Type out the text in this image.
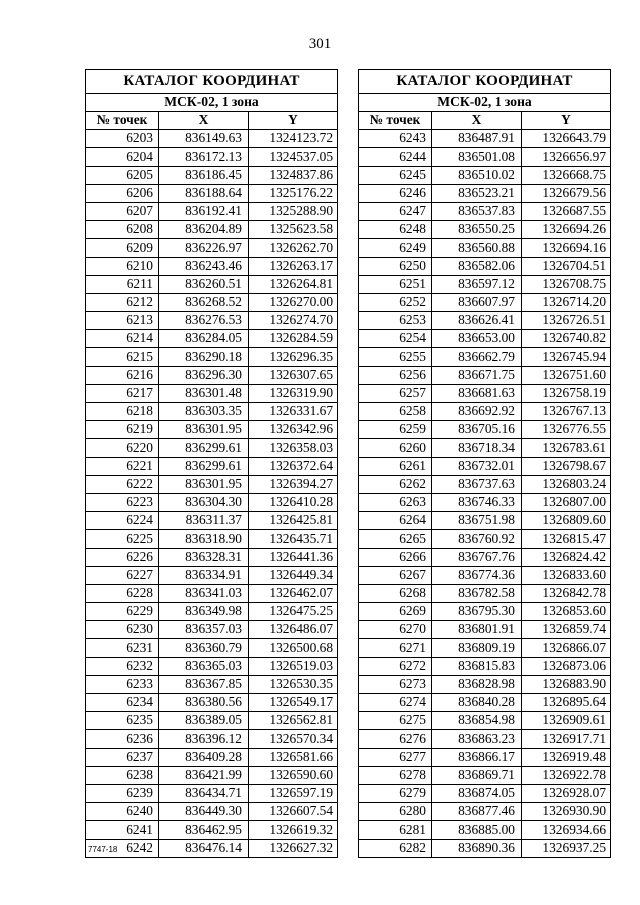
301
КАТАЛОГ КООРДИНАТ		
МСК-02, 1 зона		
№ точек	X	Y
6203	836149.63	1324123.72
6204	836172.13	1324537.05
6205	836186.45	1324837.86
6206	836188.64	1325176.22
6207	836192.41	1325288.90
6208	836204.89	1325623.58
6209	836226.97	1326262.70
6210	836243.46	1326263.17
6211	836260.51	1326264.81
6212	836268.52	1326270.00
6213	836276.53	1326274.70
6214	836284.05	1326284.59
6215	836290.18	1326296.35
6216	836296.30	1326307.65
6217	836301.48	1326319.90
6218	836303.35	1326331.67
6219	836301.95	1326342.96
6220	836299.61	1326358.03
6221	836299.61	1326372.64
6222	836301.95	1326394.27
6223	836304.30	1326410.28
6224	836311.37	1326425.81
6225	836318.90	1326435.71
6226	836328.31	1326441.36
6227	836334.91	1326449.34
6228	836341.03	1326462.07
6229	836349.98	1326475.25
6230	836357.03	1326486.07
6231	836360.79	1326500.68
6232	836365.03	1326519.03
6233	836367.85	1326530.35
6234	836380.56	1326549.17
6235	836389.05	1326562.81
6236	836396.12	1326570.34
6237	836409.28	1326581.66
6238	836421.99	1326590.60
6239	836434.71	1326597.19
6240	836449.30	1326607.54
6241	836462.95	1326619.32
6242	836476.14	1326627.32
КАТАЛОГ КООРДИНАТ		
МСК-02, 1 зона		
№ точек	X	Y
6243	836487.91	1326643.79
6244	836501.08	1326656.97
6245	836510.02	1326668.75
6246	836523.21	1326679.56
6247	836537.83	1326687.55
6248	836550.25	1326694.26
6249	836560.88	1326694.16
6250	836582.06	1326704.51
6251	836597.12	1326708.75
6252	836607.97	1326714.20
6253	836626.41	1326726.51
6254	836653.00	1326740.82
6255	836662.79	1326745.94
6256	836671.75	1326751.60
6257	836681.63	1326758.19
6258	836692.92	1326767.13
6259	836705.16	1326776.55
6260	836718.34	1326783.61
6261	836732.01	1326798.67
6262	836737.63	1326803.24
6263	836746.33	1326807.00
6264	836751.98	1326809.60
6265	836760.92	1326815.47
6266	836767.76	1326824.42
6267	836774.36	1326833.60
6268	836782.58	1326842.78
6269	836795.30	1326853.60
6270	836801.91	1326859.74
6271	836809.19	1326866.07
6272	836815.83	1326873.06
6273	836828.98	1326883.90
6274	836840.28	1326895.64
6275	836854.98	1326909.61
6276	836863.23	1326917.71
6277	836866.17	1326919.48
6278	836869.71	1326922.78
6279	836874.05	1326928.07
6280	836877.46	1326930.90
6281	836885.00	1326934.66
6282	836890.36	1326937.25
7747-18
